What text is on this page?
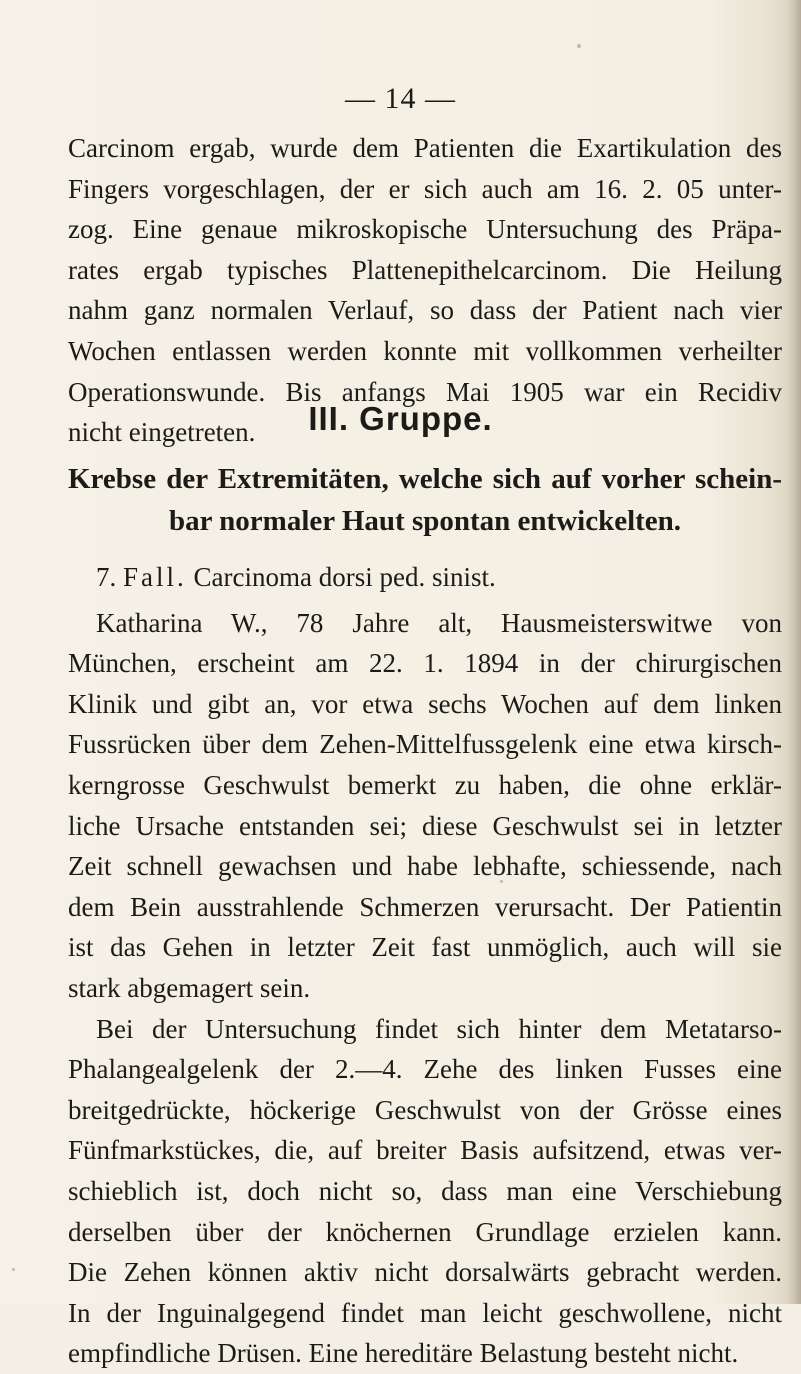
— 14 —
Carcinom ergab, wurde dem Patienten die Exartikulation des
Fingers vorgeschlagen, der er sich auch am 16. 2. 05 unter-
zog. Eine genaue mikroskopische Untersuchung des Präpa-
rates ergab typisches Plattenepithelcarcinom. Die Heilung
nahm ganz normalen Verlauf, so dass der Patient nach vier
Wochen entlassen werden konnte mit vollkommen verheilter
Operationswunde. Bis anfangs Mai 1905 war ein Recidiv
nicht eingetreten.	III. Gruppe.
Krebse der Extremitäten, welche sich auf vorher schein-
bar normaler Haut spontan entwickelten.
7. Fall. Carcinoma dorsi ped. sinist.
Katharina W., 78 Jahre alt, Hausmeisterswitwe von
München, erscheint am 22. 1. 1894 in der chirurgischen
Klinik und gibt an, vor etwa sechs Wochen auf dem linken
Fussrücken über dem Zehen-Mittelfussgelenk eine etwa kirsch-
kerngrosse Geschwulst bemerkt zu haben, die ohne erklär-
liche Ursache entstanden sei; diese Geschwulst sei in letzter
Zeit schnell gewachsen und habe lebhafte, schiessende, nach
dem Bein ausstrahlende Schmerzen verursacht. Der Patientin
ist das Gehen in letzter Zeit fast unmöglich, auch will sie
stark abgemagert sein.
Bei der Untersuchung findet sich hinter dem Metatarso-
Phalangealgelenk der 2.—4. Zehe des linken Fusses eine
breitgedrückte, höckerige Geschwulst von der Grösse eines
Fünfmarkstückes, die, auf breiter Basis aufsitzend, etwas ver-
schieblich ist, doch nicht so, dass man eine Verschiebung
derselben über der knöchernen Grundlage erzielen kann.
Die Zehen können aktiv nicht dorsalwärts gebracht werden.
In der Inguinalgegend findet man leicht geschwollene, nicht
empfindliche Drüsen. Eine hereditäre Belastung besteht nicht.
